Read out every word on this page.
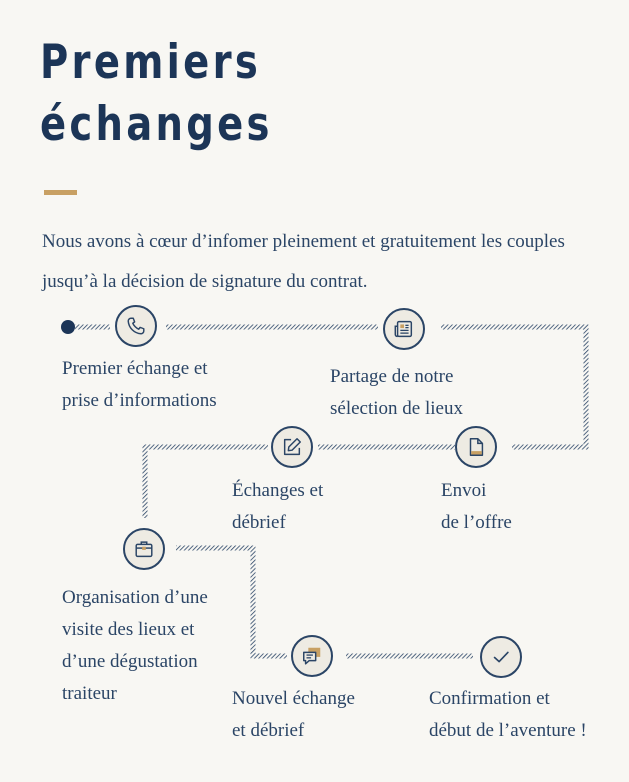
Premiers
échanges

Nous avons à cœur d’infomer pleinement et gratuitement les couples jusqu’à la décision de signature du contrat.

Premier échange et
prise d’informations
Partage de notre
sélection de lieux
Envoi
de l’offre
Échanges et
débrief
Organisation d’une
visite des lieux et
d’une dégustation
traiteur	Nouvel échange
et débrief
Confirmation et
début de l’aventure !
